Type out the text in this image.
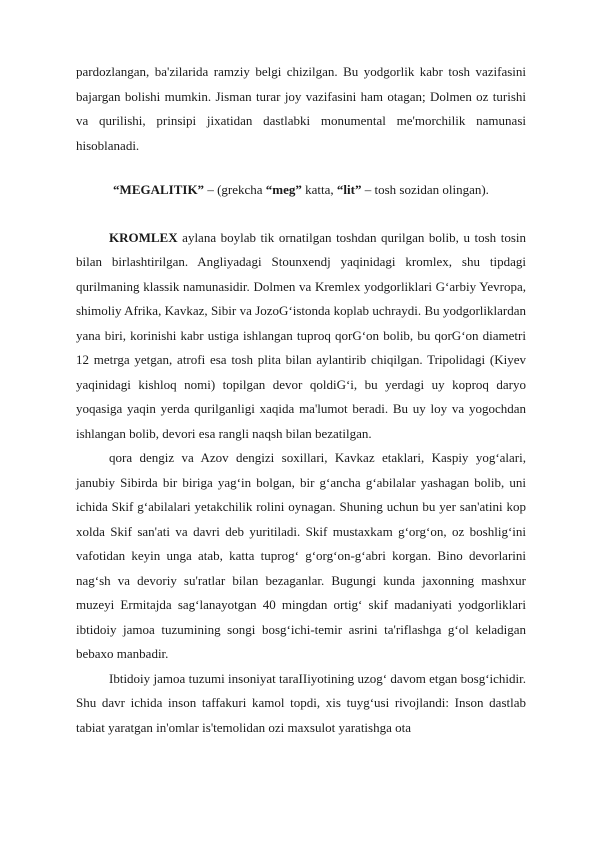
pardozlangan, ba'zilarida ramziy belgi chizilgan. Bu yodgorlik kabr tosh vazifasini bajargan bolishi mumkin. Jisman turar joy vazifasini ham otagan; Dolmen oz turishi va qurilishi, prinsipi jixatidan dastlabki monumental me'morchilik namunasi hisoblanadi.

“MEGALITIK” – (grekcha “meg” katta, “lit” – tosh sozidan olingan).

KROMLEX aylana boylab tik ornatilgan toshdan qurilgan bolib, u tosh tosin bilan birlashtirilgan. Angliyadagi Stounxendj yaqinidagi kromlex, shu tipdagi qurilmaning klassik namunasidir. Dolmen va Kremlex yodgorliklari G‘arbiy Yevropa, shimoliy Afrika, Kavkaz, Sibir va JozoG‘istonda koplab uchraydi. Bu yodgorliklardan yana biri, korinishi kabr ustiga ishlangan tuproq qorG‘on bolib, bu qorG‘on diametri 12 metrga yetgan, atrofi esa tosh plita bilan aylantirib chiqilgan. Tripolidagi (Kiyev yaqinidagi kishloq nomi) topilgan devor qoldiG‘i, bu yerdagi uy koproq daryo yoqasiga yaqin yerda qurilganligi xaqida ma'lumot beradi. Bu uy loy va yogochdan ishlangan bolib, devori esa rangli naqsh bilan bezatilgan.

qora dengiz va Azov dengizi soxillari, Kavkaz etaklari, Kaspiy yog‘alari, janubiy Sibirda bir biriga yag‘in bolgan, bir g‘ancha g‘abilalar yashagan bolib, uni ichida Skif g‘abilalari yetakchilik rolini oynagan. Shuning uchun bu yer san'atini kop xolda Skif san'ati va davri deb yuritiladi. Skif mustaxkam g‘org‘on, oz boshlig‘ini vafotidan keyin unga atab, katta tuprog‘ g‘org‘on-g‘abri korgan. Bino devorlarini nag‘sh va devoriy su'ratlar bilan bezaganlar. Bugungi kunda jaxonning mashxur muzeyi Ermitajda sag‘lanayotgan 40 mingdan ortig‘ skif madaniyati yodgorliklari ibtidoiy jamoa tuzumining songi bosg‘ichi-temir asrini ta'riflashga g‘ol keladigan bebaxo manbadir.

Ibtidoiy jamoa tuzumi insoniyat taraIIiyotining uzog‘ davom etgan bosg‘ichidir. Shu davr ichida inson taffakuri kamol topdi, xis tuyg‘usi rivojlandi: Inson dastlab tabiat yaratgan in'omlar is'temolidan ozi maxsulot yaratishga ota
